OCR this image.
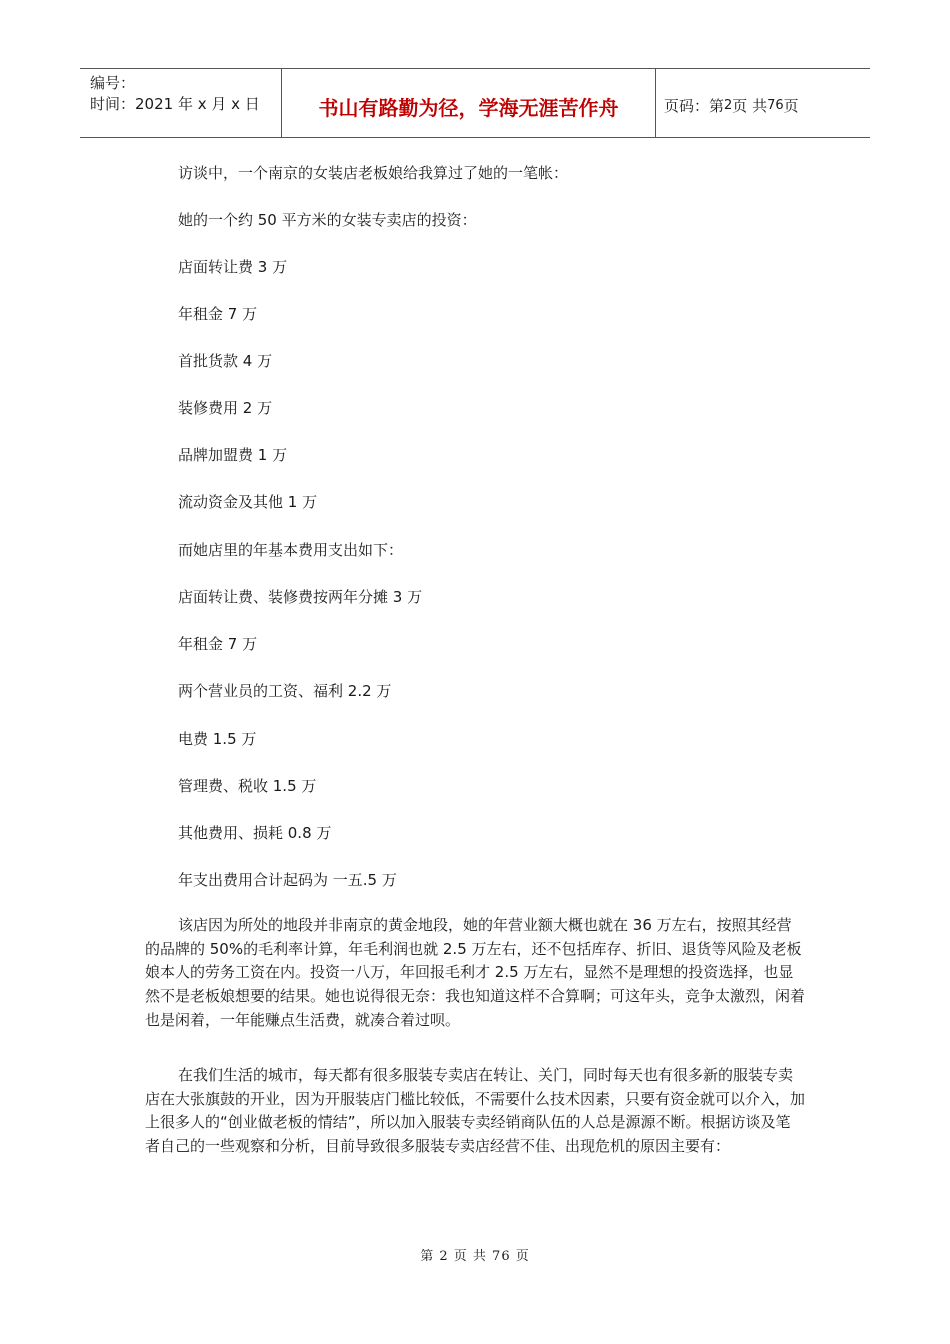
编号：
时间：2021 年 x 月 x 日	书山有路勤为径，学海无涯苦作舟	页码：第 2 页 共 76 页
访谈中，一个南京的女装店老板娘给我算过了她的一笔帐：
她的一个约 50 平方米的女装专卖店的投资：
店面转让费 3 万
年租金 7 万
首批货款 4 万
装修费用 2 万
品牌加盟费 1 万
流动资金及其他 1 万
而她店里的年基本费用支出如下：
店面转让费、装修费按两年分摊 3 万
年租金 7 万
两个营业员的工资、福利 2.2 万
电费 1.5 万
管理费、税收 1.5 万
其他费用、损耗 0.8 万
年支出费用合计起码为 一五.5 万

该店因为所处的地段并非南京的黄金地段，她的年营业额大概也就在 36 万左右，按照其经营的品牌的 50%的毛利率计算，年毛利润也就 2.5 万左右，还不包括库存、折旧、退货等风险及老板娘本人的劳务工资在内。投资一八万，年回报毛利才 2.5 万左右，显然不是理想的投资选择，也显然不是老板娘想要的结果。她也说得很无奈：我也知道这样不合算啊；可这年头，竞争太激烈，闲着也是闲着，一年能赚点生活费，就凑合着过呗。

在我们生活的城市，每天都有很多服装专卖店在转让、关门，同时每天也有很多新的服装专卖店在大张旗鼓的开业，因为开服装店门槛比较低，不需要什么技术因素，只要有资金就可以介入，加上很多人的“创业做老板的情结”，所以加入服装专卖经销商队伍的人总是源源不断。根据访谈及笔者自己的一些观察和分析，目前导致很多服装专卖店经营不佳、出现危机的原因主要有：

第 2 页 共 76 页
